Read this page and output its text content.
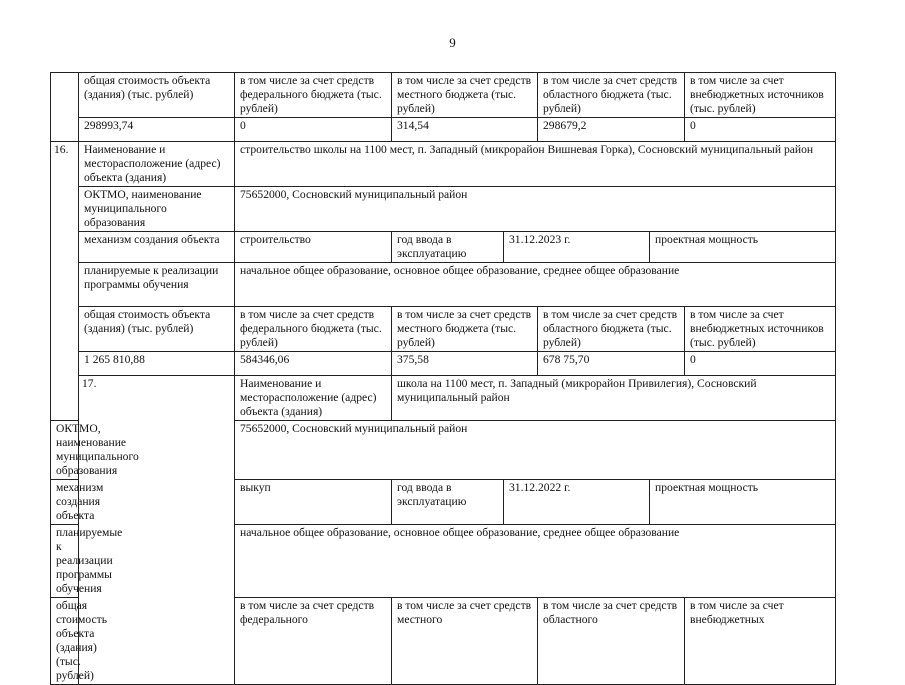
9
	общая стоимость объекта (здания) (тыс. рублей)	в том числе за счет средств федерального бюджета (тыс. рублей)	в том числе за счет средств местного бюджета (тыс. рублей)		в том числе за счет средств областного бюджета (тыс. рублей)		в том числе за счет внебюджетных источников (тыс. рублей)	
	298993,74	0	314,54		298679,2		0	
16.	Наименование и месторасположение (адрес) объекта (здания)	строительство школы на 1100 мест, п. Западный (микрорайон Вишневая Горка), Сосновский муниципальный район						
	ОКТМО, наименование муниципального образования	75652000, Сосновский муниципальный район						
	механизм создания объекта	строительство	год ввода в эксплуатацию	31.12.2023 г.		проектная мощность	
	планируемые к реализации программы обучения	начальное общее образование, основное общее образование, среднее общее образование						
	общая стоимость объекта (здания) (тыс. рублей)	в том числе за счет средств федерального бюджета (тыс. рублей)	в том числе за счет средств местного бюджета (тыс. рублей)		в том числе за счет средств областного бюджета (тыс. рублей)		в том числе за счет внебюджетных источников (тыс. рублей)	
	1 265 810,88	584346,06	375,58		678 75,70		0	
	17.	Наименование и месторасположение (адрес) объекта (здания)	школа на 1100 мест, п. Западный (микрорайон Привилегия), Сосновский муниципальный район					
ОКТМО, наименование муниципального образования		75652000, Сосновский муниципальный район						
механизм создания объекта		выкуп	год ввода в эксплуатацию	31.12.2022 г.		проектная мощность	
планируемые к реализации программы обучения		начальное общее образование, основное общее образование, среднее общее образование						
общая стоимость объекта (здания) (тыс. рублей)		в том числе за счет средств федерального	в том числе за счет средств местного		в том числе за счет средств областного		в том числе за счет внебюджетных	
